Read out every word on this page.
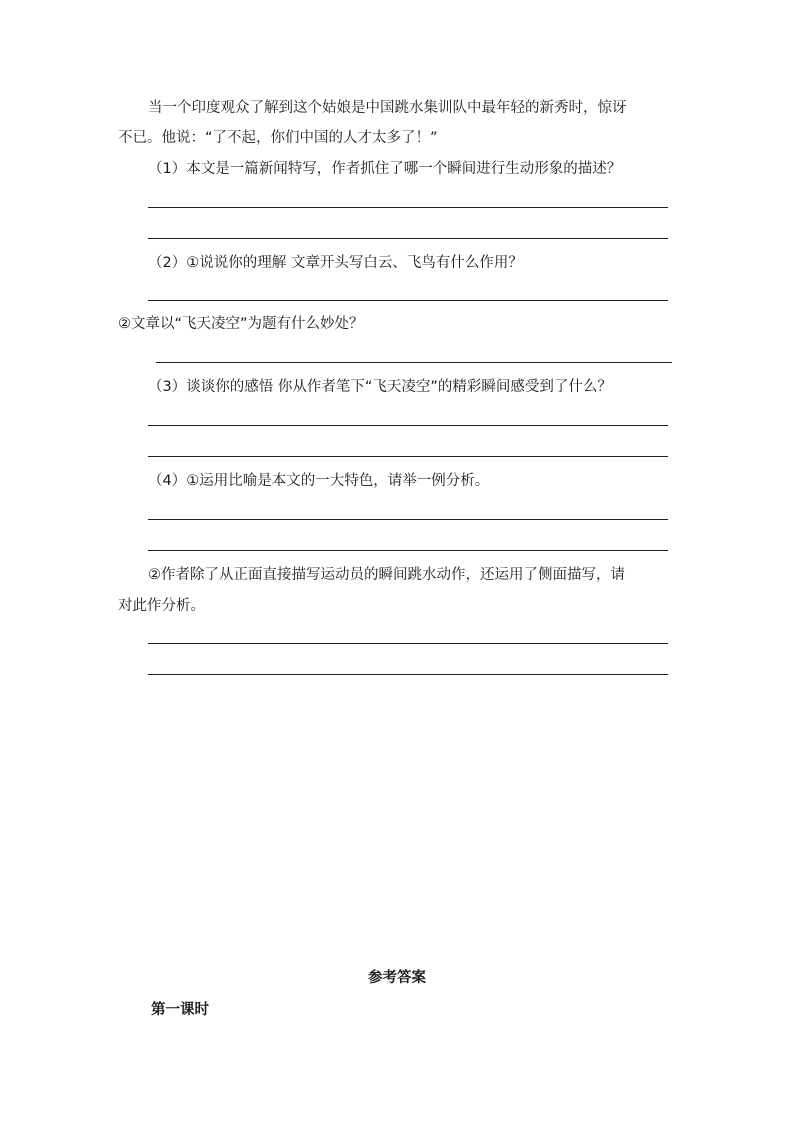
当一个印度观众了解到这个姑娘是中国跳水集训队中最年轻的新秀时，惊讶
不已。他说：“了不起，你们中国的人才太多了！”
（1）本文是一篇新闻特写，作者抓住了哪一个瞬间进行生动形象的描述？
（2）①说说你的理解 文章开头写白云、飞鸟有什么作用？
②文章以“飞天凌空”为题有什么妙处？
（3）谈谈你的感悟 你从作者笔下“飞天凌空”的精彩瞬间感受到了什么？
（4）①运用比喻是本文的一大特色，请举一例分析。
②作者除了从正面直接描写运动员的瞬间跳水动作，还运用了侧面描写，请
对此作分析。
参考答案
第一课时
